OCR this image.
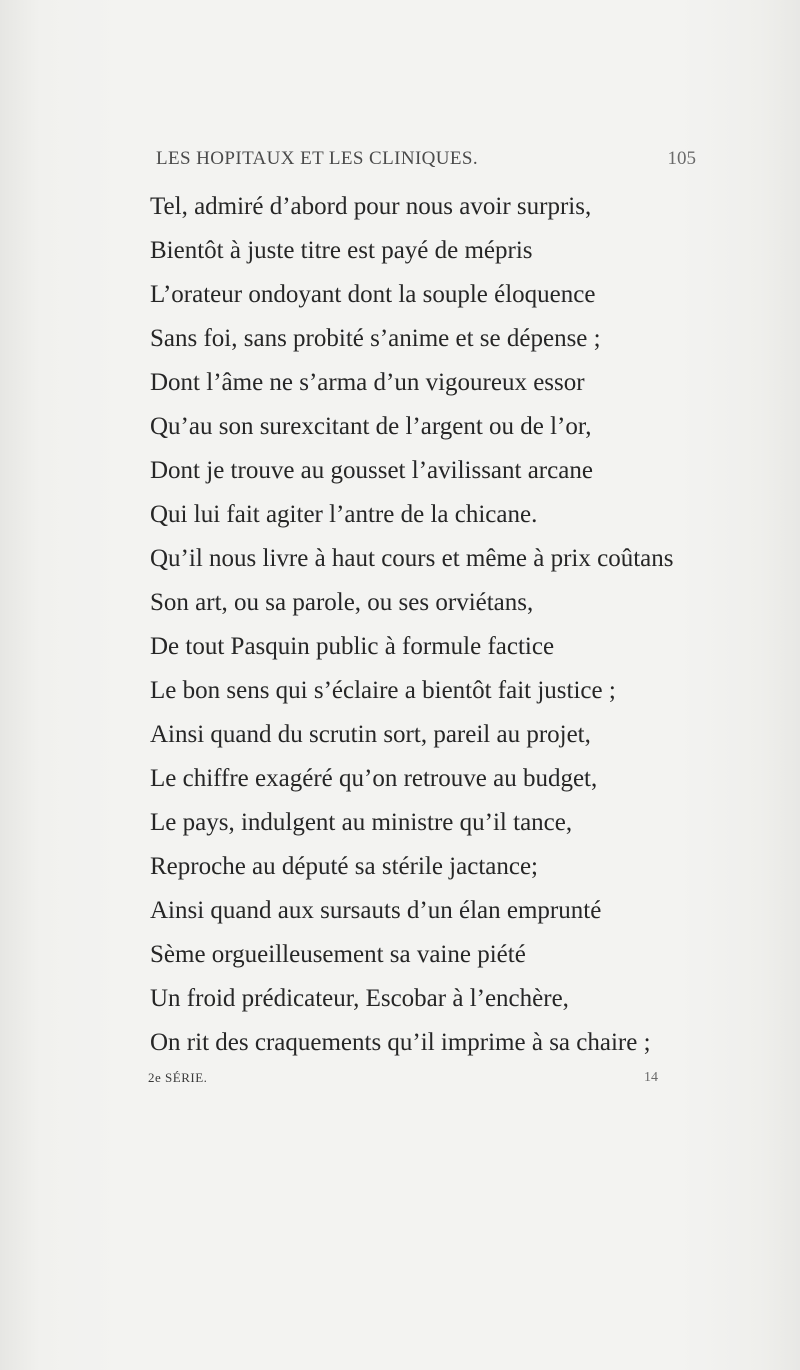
LES HOPITAUX ET LES CLINIQUES.	105
Tel, admiré d’abord pour nous avoir surpris,
Bientôt à juste titre est payé de mépris
L’orateur ondoyant dont la souple éloquence
Sans foi, sans probité s’anime et se dépense ;
Dont l’âme ne s’arma d’un vigoureux essor
Qu’au son surexcitant de l’argent ou de l’or,
Dont je trouve au gousset l’avilissant arcane
Qui lui fait agiter l’antre de la chicane.
Qu’il nous livre à haut cours et même à prix coûtans
Son art, ou sa parole, ou ses orviétans,
De tout Pasquin public à formule factice
Le bon sens qui s’éclaire a bientôt fait justice ;
Ainsi quand du scrutin sort, pareil au projet,
Le chiffre exagéré qu’on retrouve au budget,
Le pays, indulgent au ministre qu’il tance,
Reproche au député sa stérile jactance;
Ainsi quand aux sursauts d’un élan emprunté
Sème orgueilleusement sa vaine piété
Un froid prédicateur, Escobar à l’enchère,
On rit des craquements qu’il imprime à sa chaire ;
2e SÉRIE.	14
